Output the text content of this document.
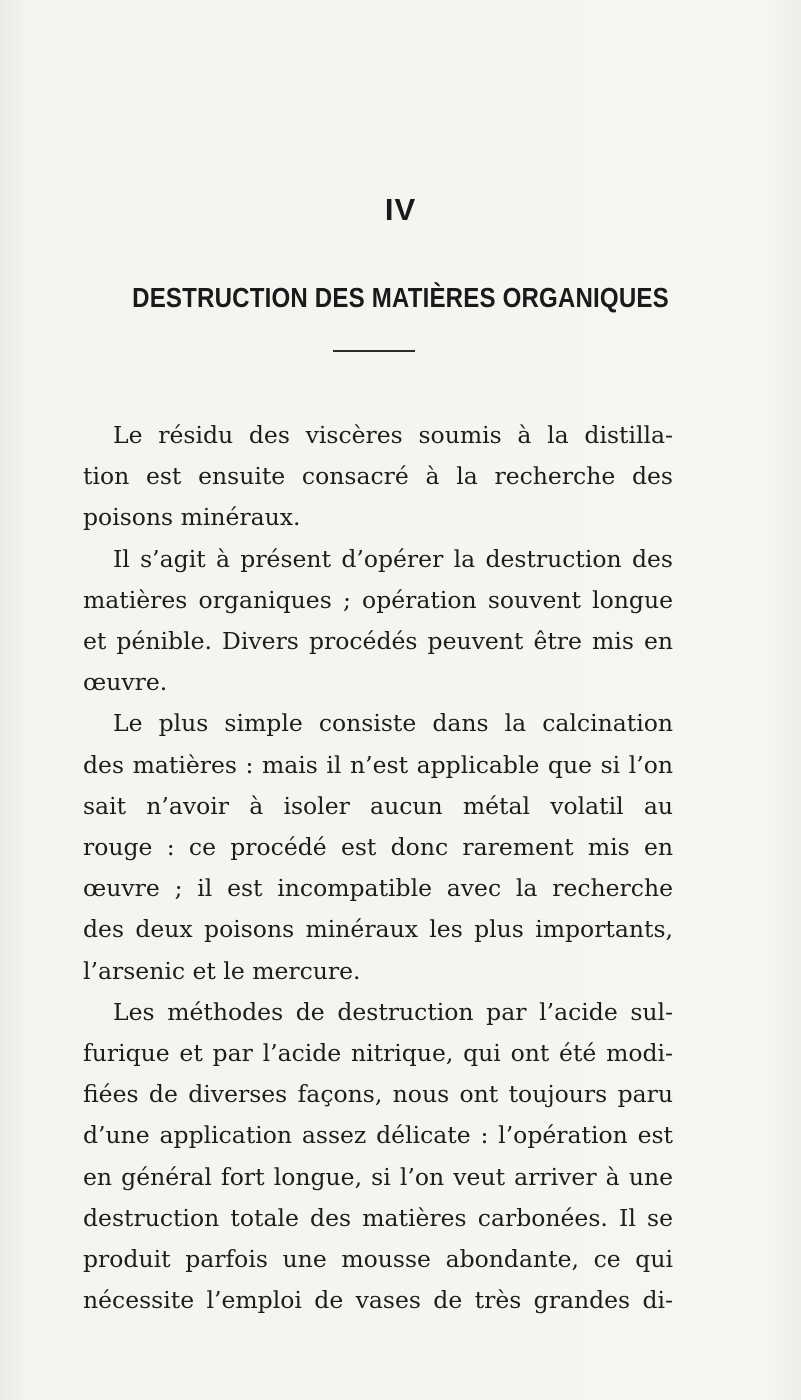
IV
DESTRUCTION DES MATIÈRES ORGANIQUES

Le résidu des viscères soumis à la distilla-
tion est ensuite consacré à la recherche des
poisons minéraux.

Il s’agit à présent d’opérer la destruction des
matières organiques ; opération souvent longue
et pénible. Divers procédés peuvent être mis en
œuvre.

Le plus simple consiste dans la calcination
des matières : mais il n’est applicable que si l’on
sait n’avoir à isoler aucun métal volatil au
rouge : ce procédé est donc rarement mis en
œuvre ; il est incompatible avec la recherche
des deux poisons minéraux les plus importants,
l’arsenic et le mercure.

Les méthodes de destruction par l’acide sul-
furique et par l’acide nitrique, qui ont été modi-
fiées de diverses façons, nous ont toujours paru
d’une application assez délicate : l’opération est
en général fort longue, si l’on veut arriver à une
destruction totale des matières carbonées. Il se
produit parfois une mousse abondante, ce qui
nécessite l’emploi de vases de très grandes di-
